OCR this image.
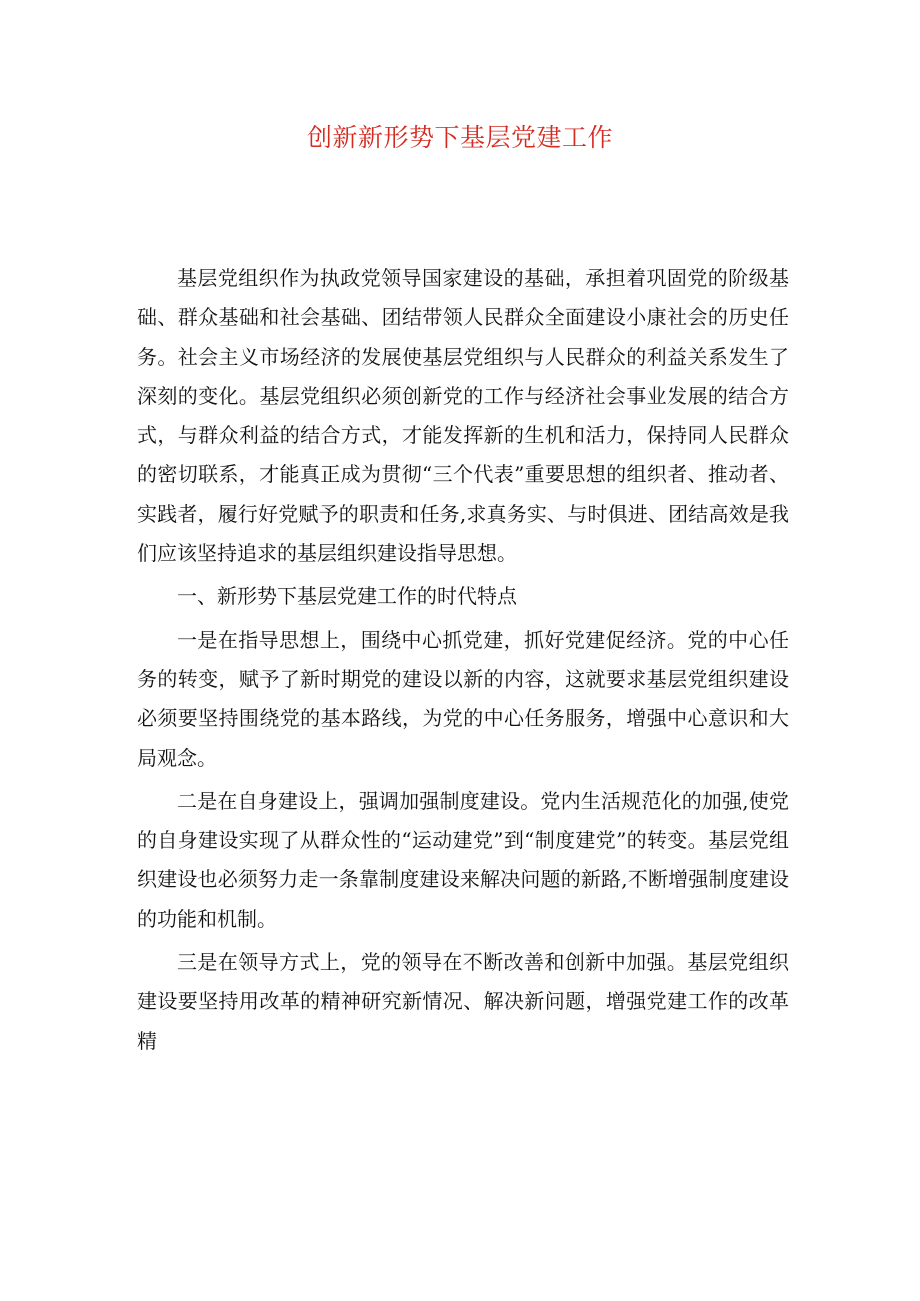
创新新形势下基层党建工作

基层党组织作为执政党领导国家建设的基础，承担着巩固党的阶级基础、群众基础和社会基础、团结带领人民群众全面建设小康社会的历史任务。社会主义市场经济的发展使基层党组织与人民群众的利益关系发生了深刻的变化。基层党组织必须创新党的工作与经济社会事业发展的结合方式，与群众利益的结合方式，才能发挥新的生机和活力，保持同人民群众的密切联系，才能真正成为贯彻“三个代表”重要思想的组织者、推动者、实践者，履行好党赋予的职责和任务,求真务实、与时俱进、团结高效是我们应该坚持追求的基层组织建设指导思想。

一、新形势下基层党建工作的时代特点

一是在指导思想上，围绕中心抓党建，抓好党建促经济。党的中心任务的转变，赋予了新时期党的建设以新的内容，这就要求基层党组织建设必须要坚持围绕党的基本路线，为党的中心任务服务，增强中心意识和大局观念。

二是在自身建设上，强调加强制度建设。党内生活规范化的加强,使党的自身建设实现了从群众性的“运动建党”到“制度建党”的转变。基层党组织建设也必须努力走一条靠制度建设来解决问题的新路,不断增强制度建设的功能和机制。

三是在领导方式上，党的领导在不断改善和创新中加强。基层党组织建设要坚持用改革的精神研究新情况、解决新问题，增强党建工作的改革精
